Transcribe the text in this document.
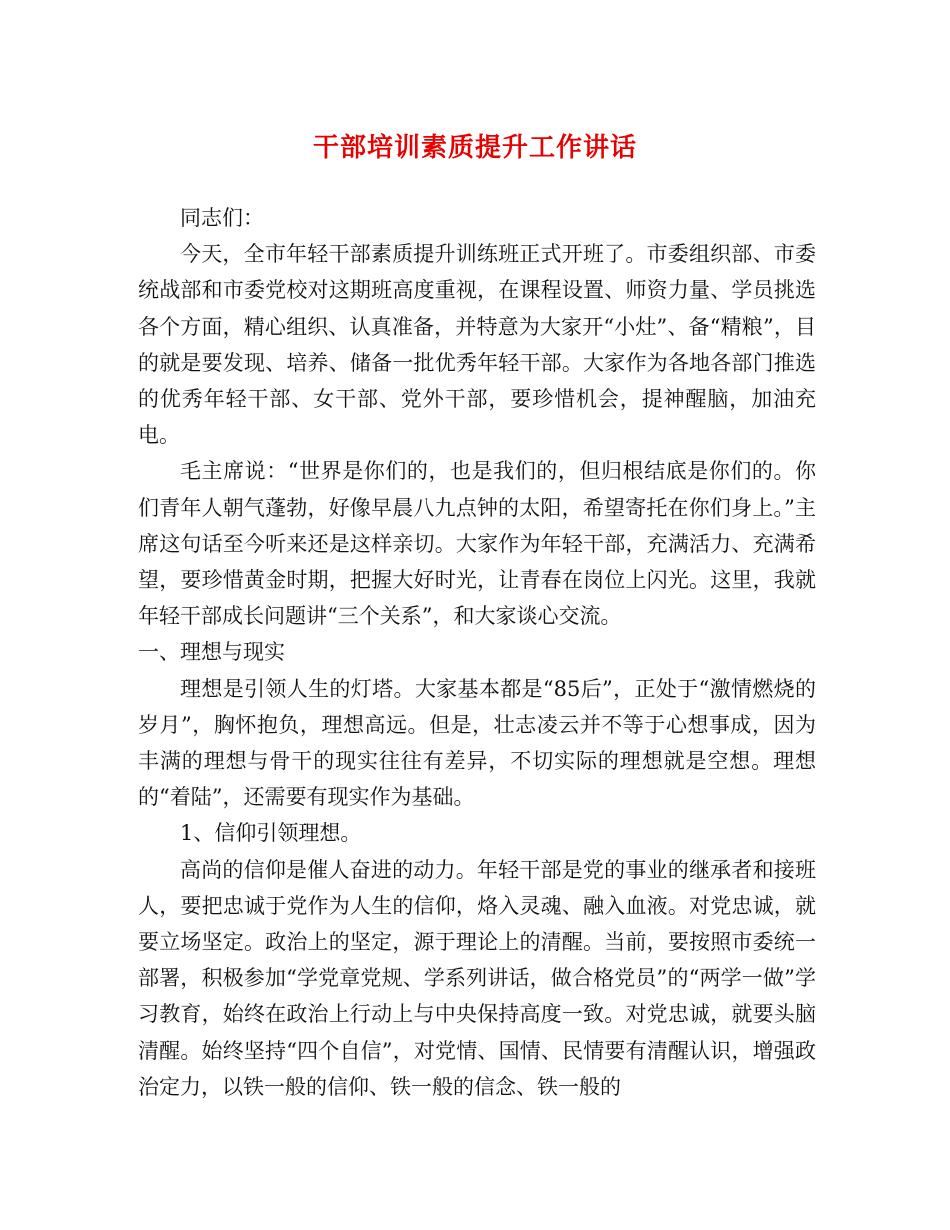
干部培训素质提升工作讲话

同志们：

今天，全市年轻干部素质提升训练班正式开班了。市委组织部、市委统战部和市委党校对这期班高度重视，在课程设置、师资力量、学员挑选各个方面，精心组织、认真准备，并特意为大家开“小灶”、备“精粮”，目的就是要发现、培养、储备一批优秀年轻干部。大家作为各地各部门推选的优秀年轻干部、女干部、党外干部，要珍惜机会，提神醒脑，加油充电。

毛主席说：“世界是你们的，也是我们的，但归根结底是你们的。你们青年人朝气蓬勃，好像早晨八九点钟的太阳，希望寄托在你们身上。”主席这句话至今听来还是这样亲切。大家作为年轻干部，充满活力、充满希望，要珍惜黄金时期，把握大好时光，让青春在岗位上闪光。这里，我就年轻干部成长问题讲“三个关系”，和大家谈心交流。

一、理想与现实

理想是引领人生的灯塔。大家基本都是“85后”，正处于“激情燃烧的岁月”，胸怀抱负，理想高远。但是，壮志凌云并不等于心想事成，因为丰满的理想与骨干的现实往往有差异，不切实际的理想就是空想。理想的“着陆”，还需要有现实作为基础。

1、信仰引领理想。

高尚的信仰是催人奋进的动力。年轻干部是党的事业的继承者和接班人，要把忠诚于党作为人生的信仰，烙入灵魂、融入血液。对党忠诚，就要立场坚定。政治上的坚定，源于理论上的清醒。当前，要按照市委统一部署，积极参加“学党章党规、学系列讲话，做合格党员”的“两学一做”学习教育，始终在政治上行动上与中央保持高度一致。对党忠诚，就要头脑清醒。始终坚持“四个自信”，对党情、国情、民情要有清醒认识，增强政治定力，以铁一般的信仰、铁一般的信念、铁一般的
